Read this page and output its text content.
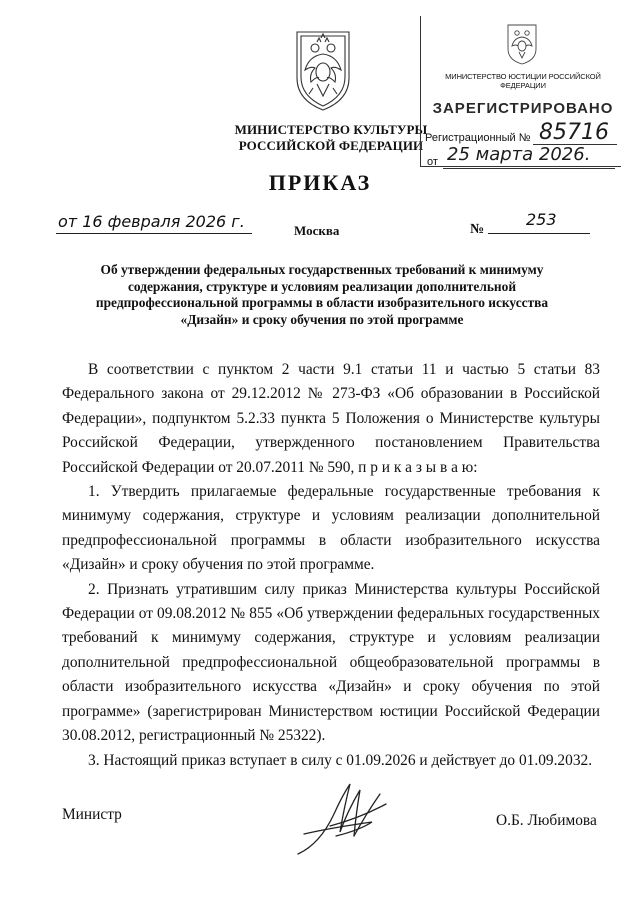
МИНИСТЕРСТВО КУЛЬТУРЫ
РОССИЙСКОЙ ФЕДЕРАЦИИ
МИНИСТЕРСТВО ЮСТИЦИИ РОССИЙСКОЙ ФЕДЕРАЦИИ
ЗАРЕГИСТРИРОВАНО
Регистрационный № 85716
от 25 марта 2026.
ПРИКАЗ
от 16 февраля 2026 г.	Москва	№
253
Об утверждении федеральных государственных требований к минимуму
содержания, структуре и условиям реализации дополнительной
предпрофессиональной программы в области изобразительного искусства
«Дизайн» и сроку обучения по этой программе

В соответствии с пунктом 2 части 9.1 статьи 11 и частью 5 статьи 83 Федерального закона от 29.12.2012 № 273-ФЗ «Об образовании в Российской Федерации», подпунктом 5.2.33 пункта 5 Положения о Министерстве культуры Российской Федерации, утвержденного постановлением Правительства Российской Федерации от 20.07.2011 № 590, п р и к а з ы в а ю:

1. Утвердить прилагаемые федеральные государственные требования к минимуму содержания, структуре и условиям реализации дополнительной предпрофессиональной программы в области изобразительного искусства «Дизайн» и сроку обучения по этой программе.

2. Признать утратившим силу приказ Министерства культуры Российской Федерации от 09.08.2012 № 855 «Об утверждении федеральных государственных требований к минимуму содержания, структуре и условиям реализации дополнительной предпрофессиональной общеобразовательной программы в области изобразительного искусства «Дизайн» и сроку обучения по этой программе» (зарегистрирован Министерством юстиции Российской Федерации 30.08.2012, регистрационный № 25322).

3. Настоящий приказ вступает в силу с 01.09.2026 и действует до 01.09.2032.

Министр	О.Б. Любимова
